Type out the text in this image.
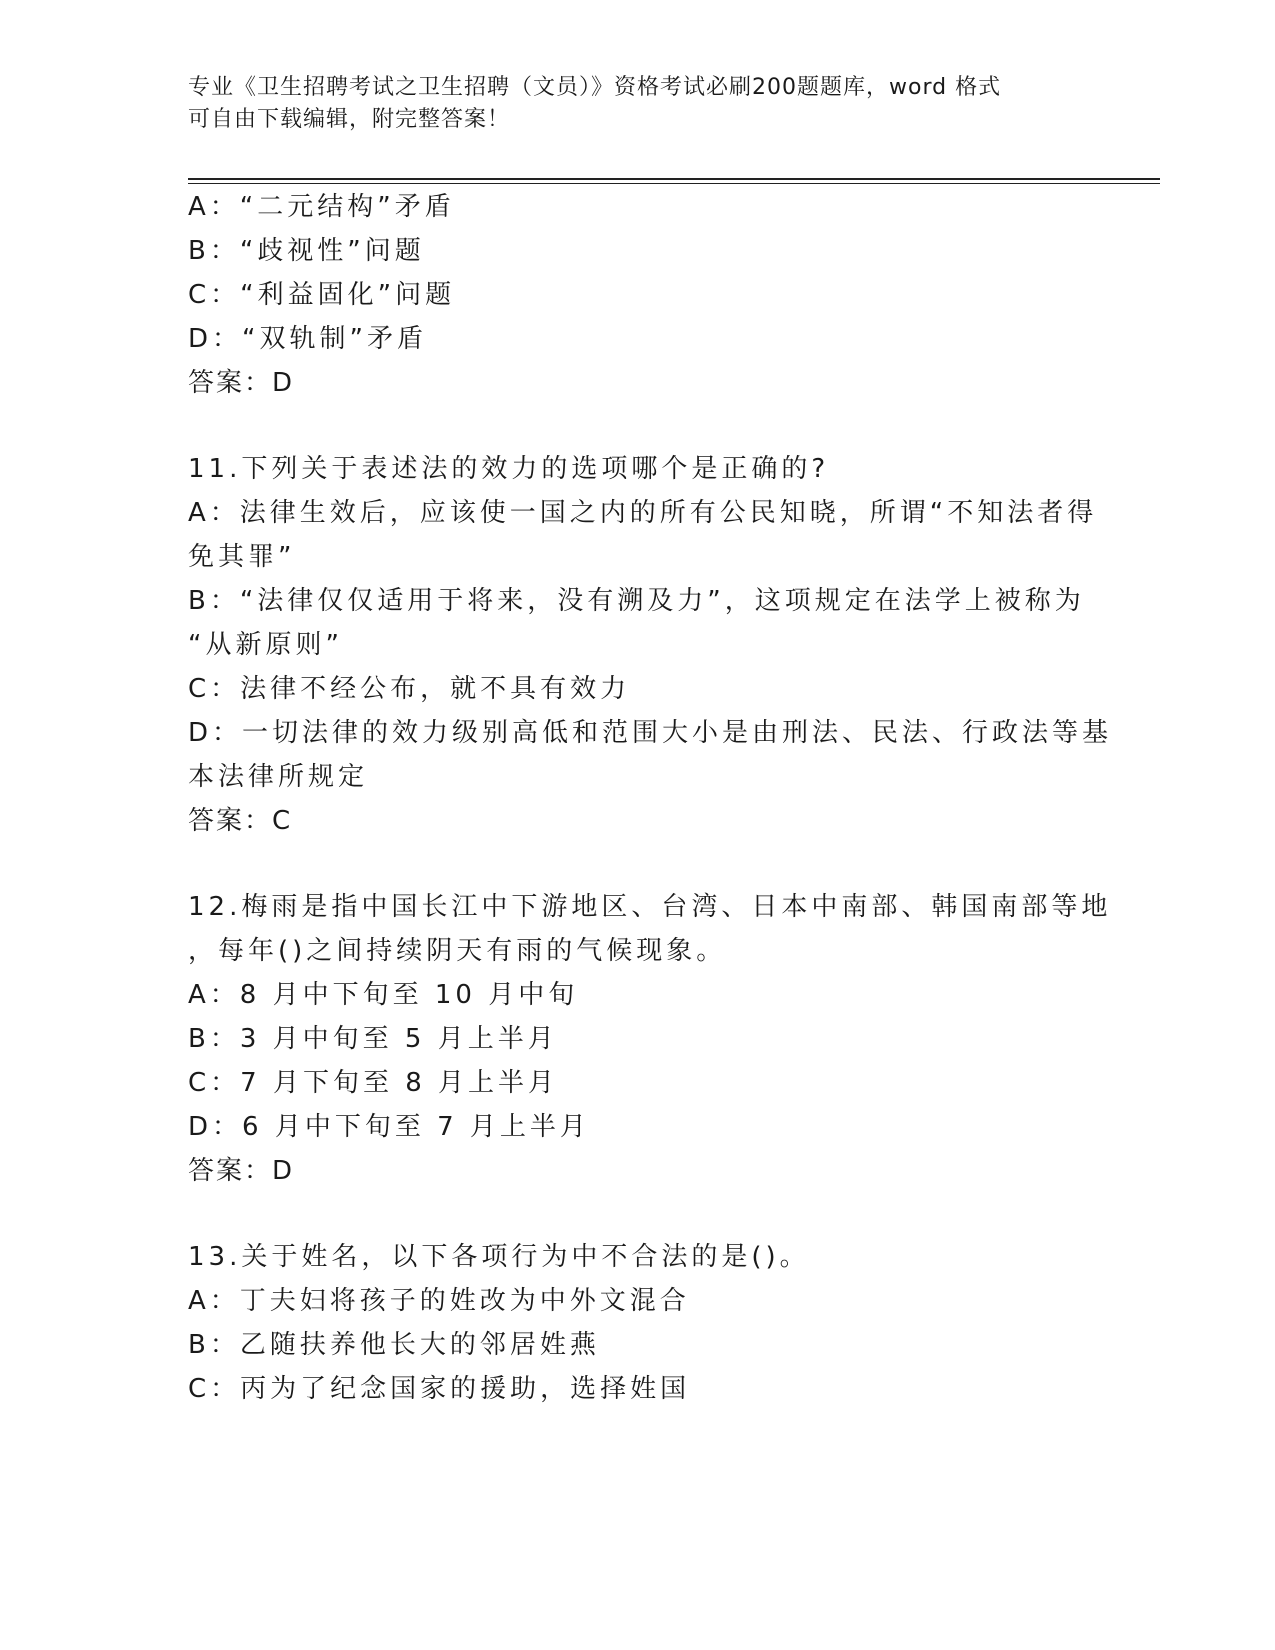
专业《卫生招聘考试之卫生招聘（文员）》资格考试必刷200题题库，word 格式
可自由下载编辑，附完整答案！
A：“二元结构”矛盾
B：“歧视性”问题
C：“利益固化”问题
D：“双轨制”矛盾
答案：D
11.下列关于表述法的效力的选项哪个是正确的?
A：法律生效后，应该使一国之内的所有公民知晓，所谓“不知法者得
免其罪”
B：“法律仅仅适用于将来，没有溯及力”，这项规定在法学上被称为
“从新原则”
C：法律不经公布，就不具有效力
D：一切法律的效力级别高低和范围大小是由刑法、民法、行政法等基
本法律所规定
答案：C
12.梅雨是指中国长江中下游地区、台湾、日本中南部、韩国南部等地
，每年()之间持续阴天有雨的气候现象。
A：8 月中下旬至 10 月中旬
B：3 月中旬至 5 月上半月
C：7 月下旬至 8 月上半月
D：6 月中下旬至 7 月上半月
答案：D
13.关于姓名，以下各项行为中不合法的是()。
A：丁夫妇将孩子的姓改为中外文混合
B：乙随扶养他长大的邻居姓燕
C：丙为了纪念国家的援助，选择姓国
